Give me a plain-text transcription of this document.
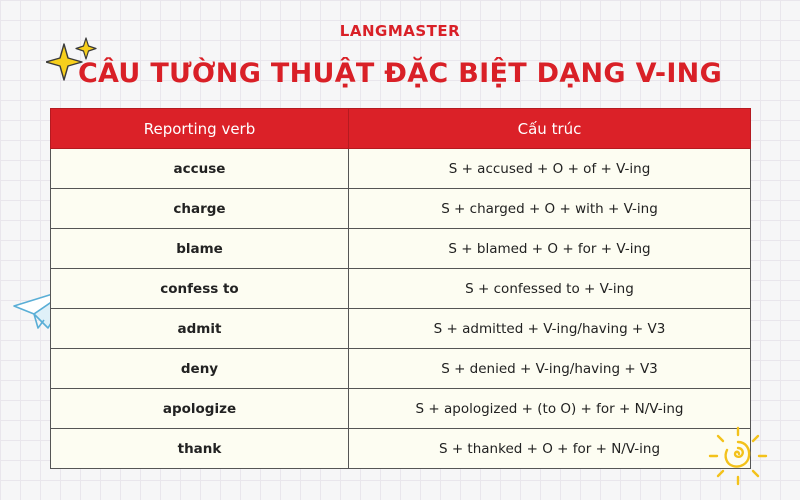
LANGMASTER
CÂU TƯỜNG THUẬT ĐẶC BIỆT DẠNG V-ING
Reporting verb	Cấu trúc
accuse	S + accused + O + of + V-ing
charge	S + charged + O + with + V-ing
blame	S + blamed + O + for + V-ing
confess to	S + confessed to + V-ing
admit	S + admitted + V-ing/having + V3
deny	S + denied + V-ing/having + V3
apologize	S + apologized + (to O) + for + N/V-ing
thank	S + thanked + O + for + N/V-ing
